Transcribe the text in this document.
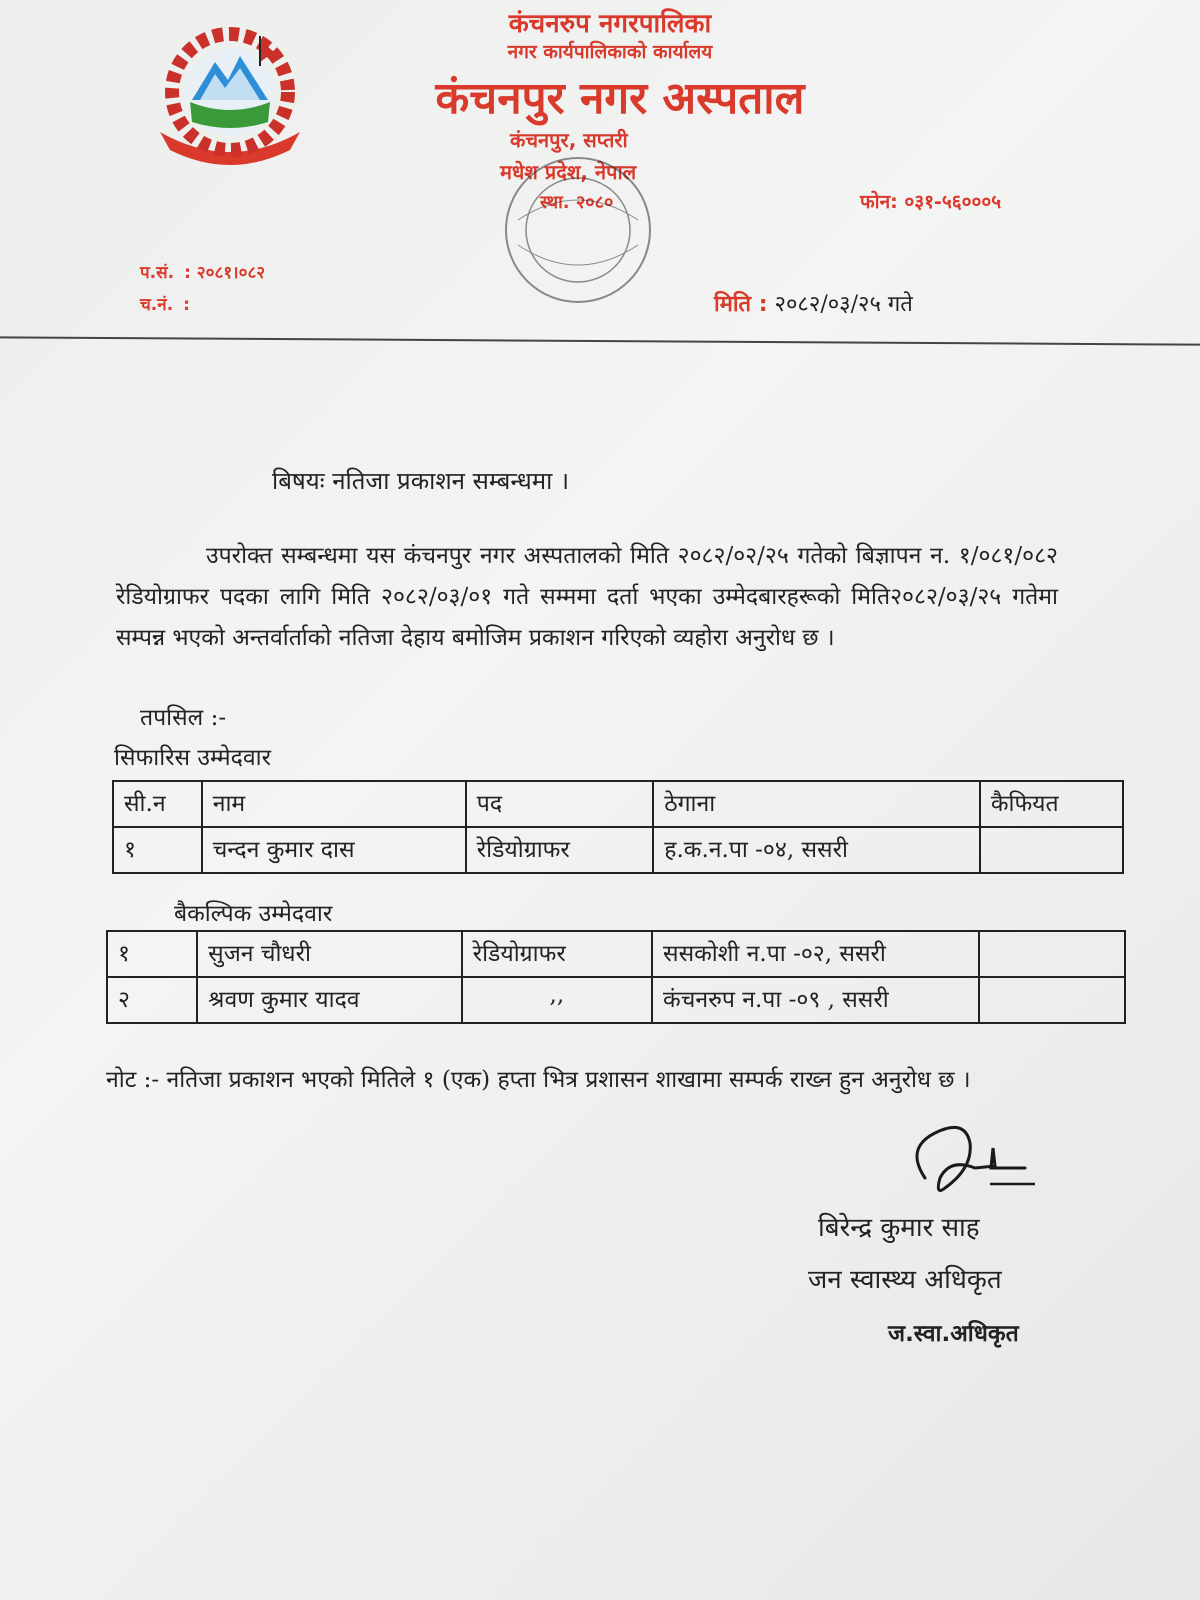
कंचनरुप नगरपालिका
नगर कार्यपालिकाको कार्यालय
कंचनपुर नगर अस्पताल
कंचनपुर, सप्तरी
मधेश प्रदेश, नेपाल
स्था. २०८०	फोन: ०३१-५६०००५
प.सं. : २०८१।०८२
च.नं. :	मिति : २०८२/०३/२५ गते
बिषयः नतिजा प्रकाशन सम्बन्धमा ।
उपरोक्त सम्बन्धमा यस कंचनपुर नगर अस्पतालको मिति २०८२/०२/२५ गतेको बिज्ञापन न. १/०८१/०८२ रेडियोग्राफर पदका लागि मिति २०८२/०३/०१ गते सम्ममा दर्ता भएका उम्मेदबारहरूको मिति२०८२/०३/२५ गतेमा सम्पन्न भएको अन्तर्वार्ताको नतिजा देहाय बमोजिम प्रकाशन गरिएको व्यहोरा अनुरोध छ ।
तपसिल :-
सिफारिस उम्मेदवार
सी.न	नाम	पद	ठेगाना	कैफियत
१	चन्दन कुमार दास	रेडियोग्राफर	ह.क.न.पा -०४, ससरी	
बैकल्पिक उम्मेदवार
१	सुजन चौधरी	रेडियोग्राफर	ससकोशी न.पा -०२, ससरी	
२	श्रवण कुमार यादव	,,	कंचनरुप न.पा -०९ , ससरी	
नोट :- नतिजा प्रकाशन भएको मितिले १ (एक) हप्ता भित्र प्रशासन शाखामा सम्पर्क राख्न हुन अनुरोध छ ।
बिरेन्द्र कुमार साह
जन स्वास्थ्य अधिकृत
ज.स्वा.अधिकृत
